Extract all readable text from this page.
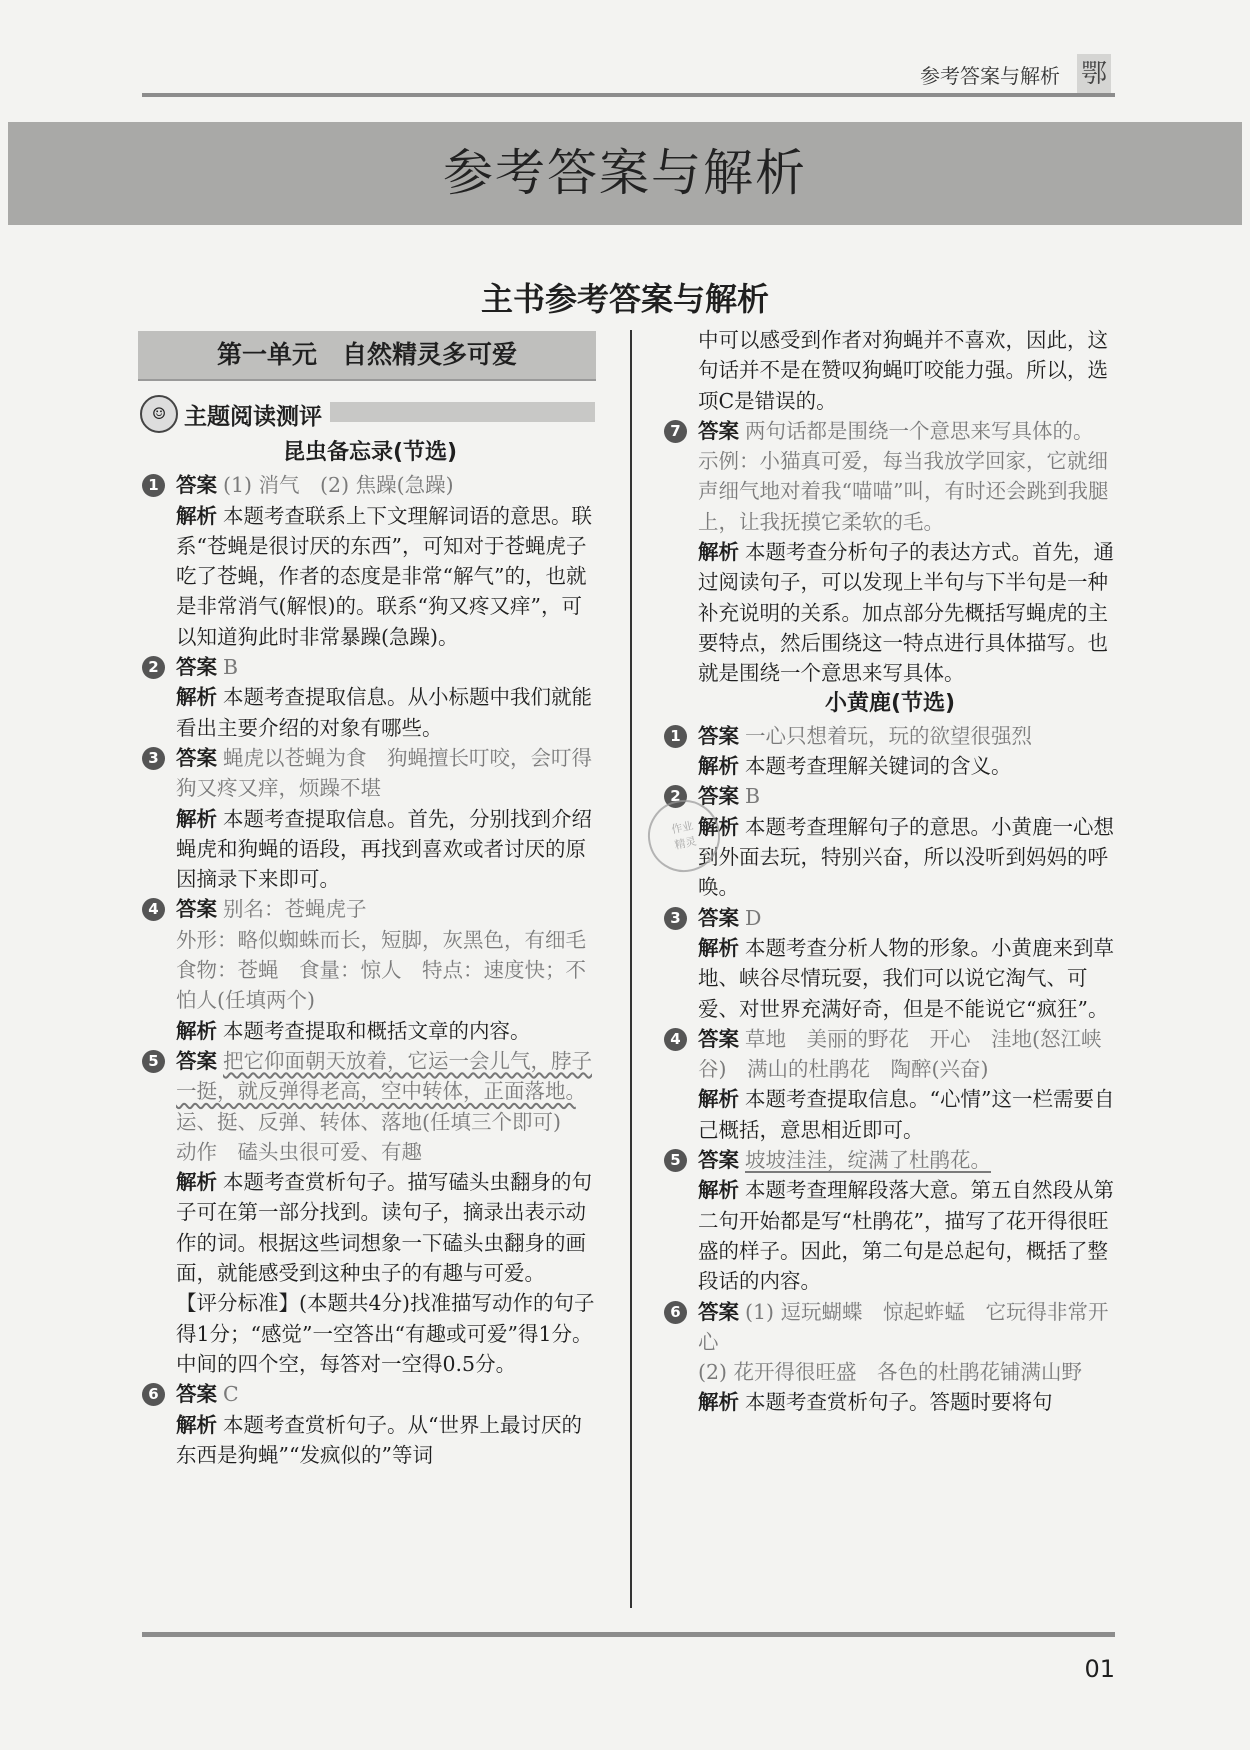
参考答案与解析 鄂
参考答案与解析
主书参考答案与解析
第一单元　自然精灵多可爱
☺ 主题阅读测评
昆虫备忘录(节选)
1 答案 (1) 消气　(2) 焦躁(急躁)
解析 本题考查联系上下文理解词语的意思。联系“苍蝇是很讨厌的东西”，可知对于苍蝇虎子吃了苍蝇，作者的态度是非常“解气”的，也就是非常消气(解恨)的。联系“狗又疼又痒”，可以知道狗此时非常暴躁(急躁)。
2 答案 B
解析 本题考查提取信息。从小标题中我们就能看出主要介绍的对象有哪些。
3 答案 蝇虎以苍蝇为食　狗蝇擅长叮咬，会叮得狗又疼又痒，烦躁不堪
解析 本题考查提取信息。首先，分别找到介绍蝇虎和狗蝇的语段，再找到喜欢或者讨厌的原因摘录下来即可。
4 答案 别名：苍蝇虎子
外形：略似蜘蛛而长，短脚，灰黑色，有细毛
食物：苍蝇　食量：惊人　特点：速度快；不怕人(任填两个)
解析 本题考查提取和概括文章的内容。
5 答案 把它仰面朝天放着，它运一会儿气，脖子一挺，就反弹得老高，空中转体，正面落地。　运、挺、反弹、转体、落地(任填三个即可)　动作　磕头虫很可爱、有趣
解析 本题考查赏析句子。描写磕头虫翻身的句子可在第一部分找到。读句子，摘录出表示动作的词。根据这些词想象一下磕头虫翻身的画面，就能感受到这种虫子的有趣与可爱。
【评分标准】(本题共4分)找准描写动作的句子得1分；“感觉”一空答出“有趣或可爱”得1分。中间的四个空，每答对一空得0.5分。
6 答案 C
解析 本题考查赏析句子。从“世界上最讨厌的东西是狗蝇”“发疯似的”等词
中可以感受到作者对狗蝇并不喜欢，因此，这句话并不是在赞叹狗蝇叮咬能力强。所以，选项C是错误的。
7 答案 两句话都是围绕一个意思来写具体的。
示例：小猫真可爱，每当我放学回家，它就细声细气地对着我“喵喵”叫，有时还会跳到我腿上，让我抚摸它柔软的毛。
解析 本题考查分析句子的表达方式。首先，通过阅读句子，可以发现上半句与下半句是一种补充说明的关系。加点部分先概括写蝇虎的主要特点，然后围绕这一特点进行具体描写。也就是围绕一个意思来写具体。
小黄鹿(节选)
1 答案 一心只想着玩，玩的欲望很强烈
解析 本题考查理解关键词的含义。
2 答案 B
解析 本题考查理解句子的意思。小黄鹿一心想到外面去玩，特别兴奋，所以没听到妈妈的呼唤。
3 答案 D
解析 本题考查分析人物的形象。小黄鹿来到草地、峡谷尽情玩耍，我们可以说它淘气、可爱、对世界充满好奇，但是不能说它“疯狂”。
4 答案 草地　美丽的野花　开心　洼地(怒江峡谷)　满山的杜鹃花　陶醉(兴奋)
解析 本题考查提取信息。“心情”这一栏需要自己概括，意思相近即可。
5 答案 坡坡洼洼，绽满了杜鹃花。
解析 本题考查理解段落大意。第五自然段从第二句开始都是写“杜鹃花”，描写了花开得很旺盛的样子。因此，第二句是总起句，概括了整段话的内容。
6 答案 (1) 逗玩蝴蝶　惊起蚱蜢　它玩得非常开心
(2) 花开得很旺盛　各色的杜鹃花铺满山野
解析 本题考查赏析句子。答题时要将句
作业
精灵
01
